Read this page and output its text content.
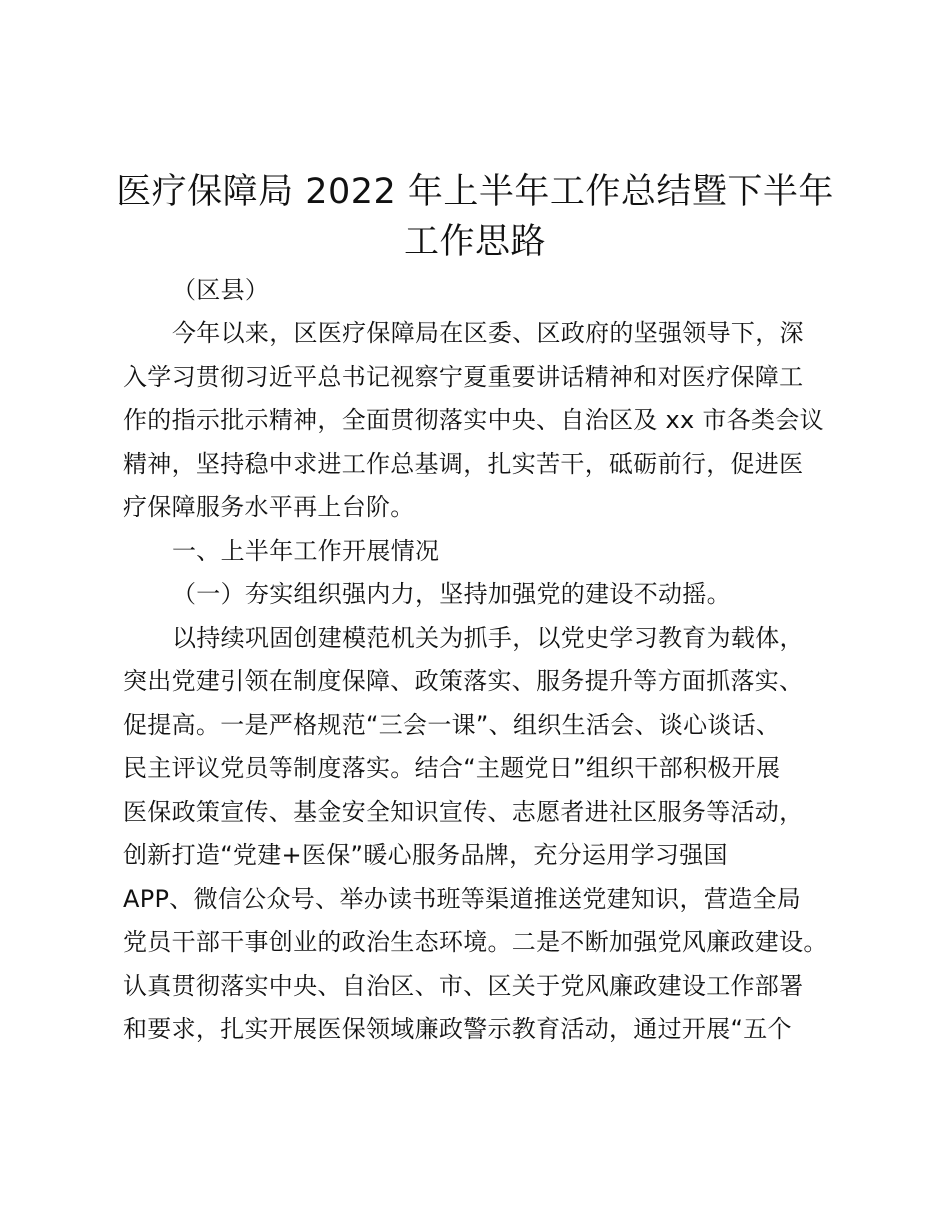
医疗保障局 2022 年上半年工作总结暨下半年
工作思路
（区县）
今年以来，区医疗保障局在区委、区政府的坚强领导下，深
入学习贯彻习近平总书记视察宁夏重要讲话精神和对医疗保障工
作的指示批示精神，全面贯彻落实中央、自治区及 xx 市各类会议
精神，坚持稳中求进工作总基调，扎实苦干，砥砺前行，促进医
疗保障服务水平再上台阶。
一、上半年工作开展情况
（一）夯实组织强内力，坚持加强党的建设不动摇。
以持续巩固创建模范机关为抓手，以党史学习教育为载体，
突出党建引领在制度保障、政策落实、服务提升等方面抓落实、
促提高。一是严格规范“三会一课”、组织生活会、谈心谈话、
民主评议党员等制度落实。结合“主题党日”组织干部积极开展
医保政策宣传、基金安全知识宣传、志愿者进社区服务等活动，
创新打造“党建+医保”暖心服务品牌，充分运用学习强国
APP、微信公众号、举办读书班等渠道推送党建知识，营造全局
党员干部干事创业的政治生态环境。二是不断加强党风廉政建设。
认真贯彻落实中央、自治区、市、区关于党风廉政建设工作部署
和要求，扎实开展医保领域廉政警示教育活动，通过开展“五个
